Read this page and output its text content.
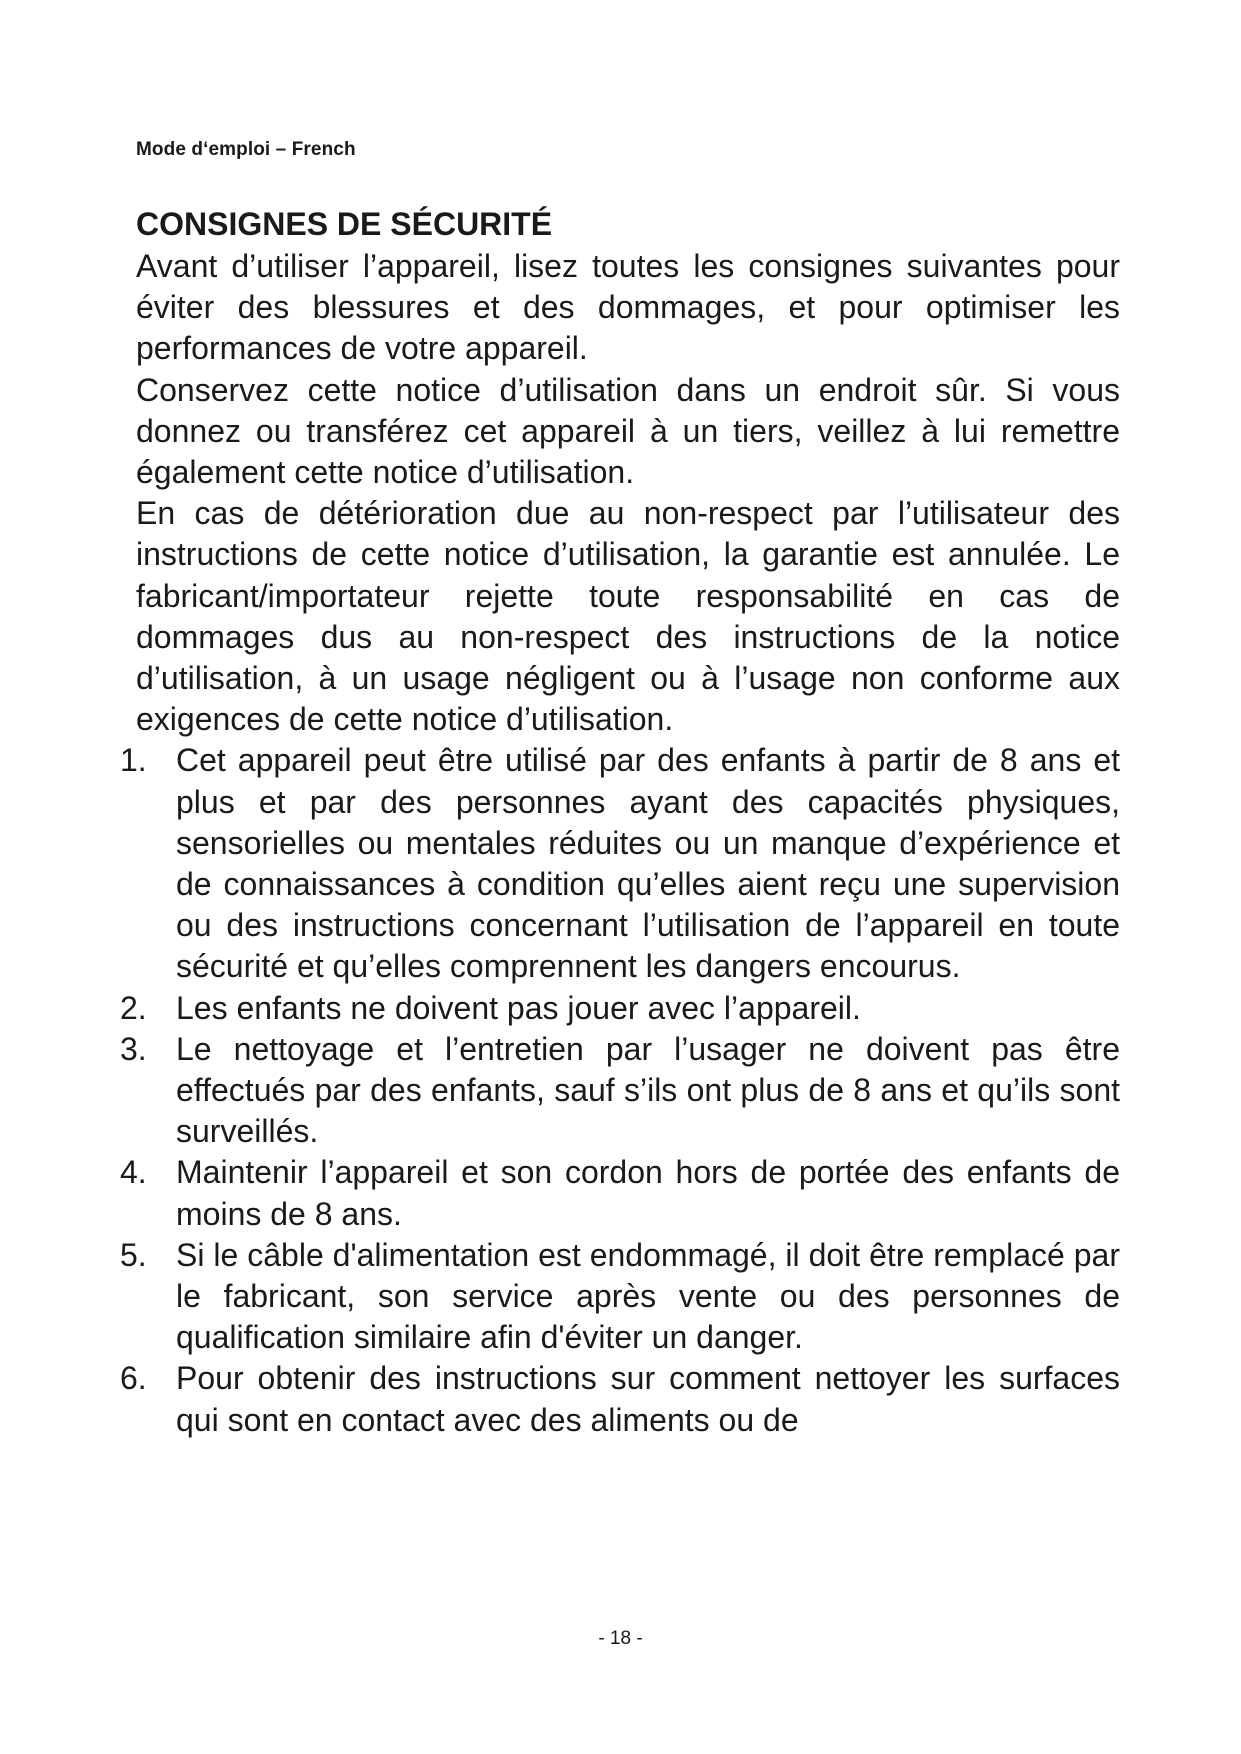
Mode d‘emploi – French
CONSIGNES DE SÉCURITÉ

Avant d’utiliser l’appareil, lisez toutes les consignes suivantes pour éviter des blessures et des dommages, et pour optimiser les performances de votre appareil.

Conservez cette notice d’utilisation dans un endroit sûr. Si vous donnez ou transférez cet appareil à un tiers, veillez à lui remettre également cette notice d’utilisation.

En cas de détérioration due au non-respect par l’utilisateur des instructions de cette notice d’utilisation, la garantie est annulée. Le fabricant/importateur rejette toute responsabilité en cas de dommages dus au non-respect des instructions de la notice d’utilisation, à un usage négligent ou à l’usage non conforme aux exigences de cette notice d’utilisation.

1. Cet appareil peut être utilisé par des enfants à partir de 8 ans et plus et par des personnes ayant des capacités physiques, sensorielles ou mentales réduites ou un manque d’expérience et de connaissances à condition qu’elles aient reçu une supervision ou des instructions concernant l’utilisation de l’appareil en toute sécurité et qu’elles comprennent les dangers encourus.
2. Les enfants ne doivent pas jouer avec l’appareil.
3. Le nettoyage et l’entretien par l’usager ne doivent pas être effectués par des enfants, sauf s’ils ont plus de 8 ans et qu’ils sont surveillés.
4. Maintenir l’appareil et son cordon hors de portée des enfants de moins de 8 ans.
5. Si le câble d'alimentation est endommagé, il doit être remplacé par le fabricant, son service après vente ou des personnes de qualification similaire afin d'éviter un danger.
6. Pour obtenir des instructions sur comment nettoyer les surfaces qui sont en contact avec des aliments ou de
- 18 -
